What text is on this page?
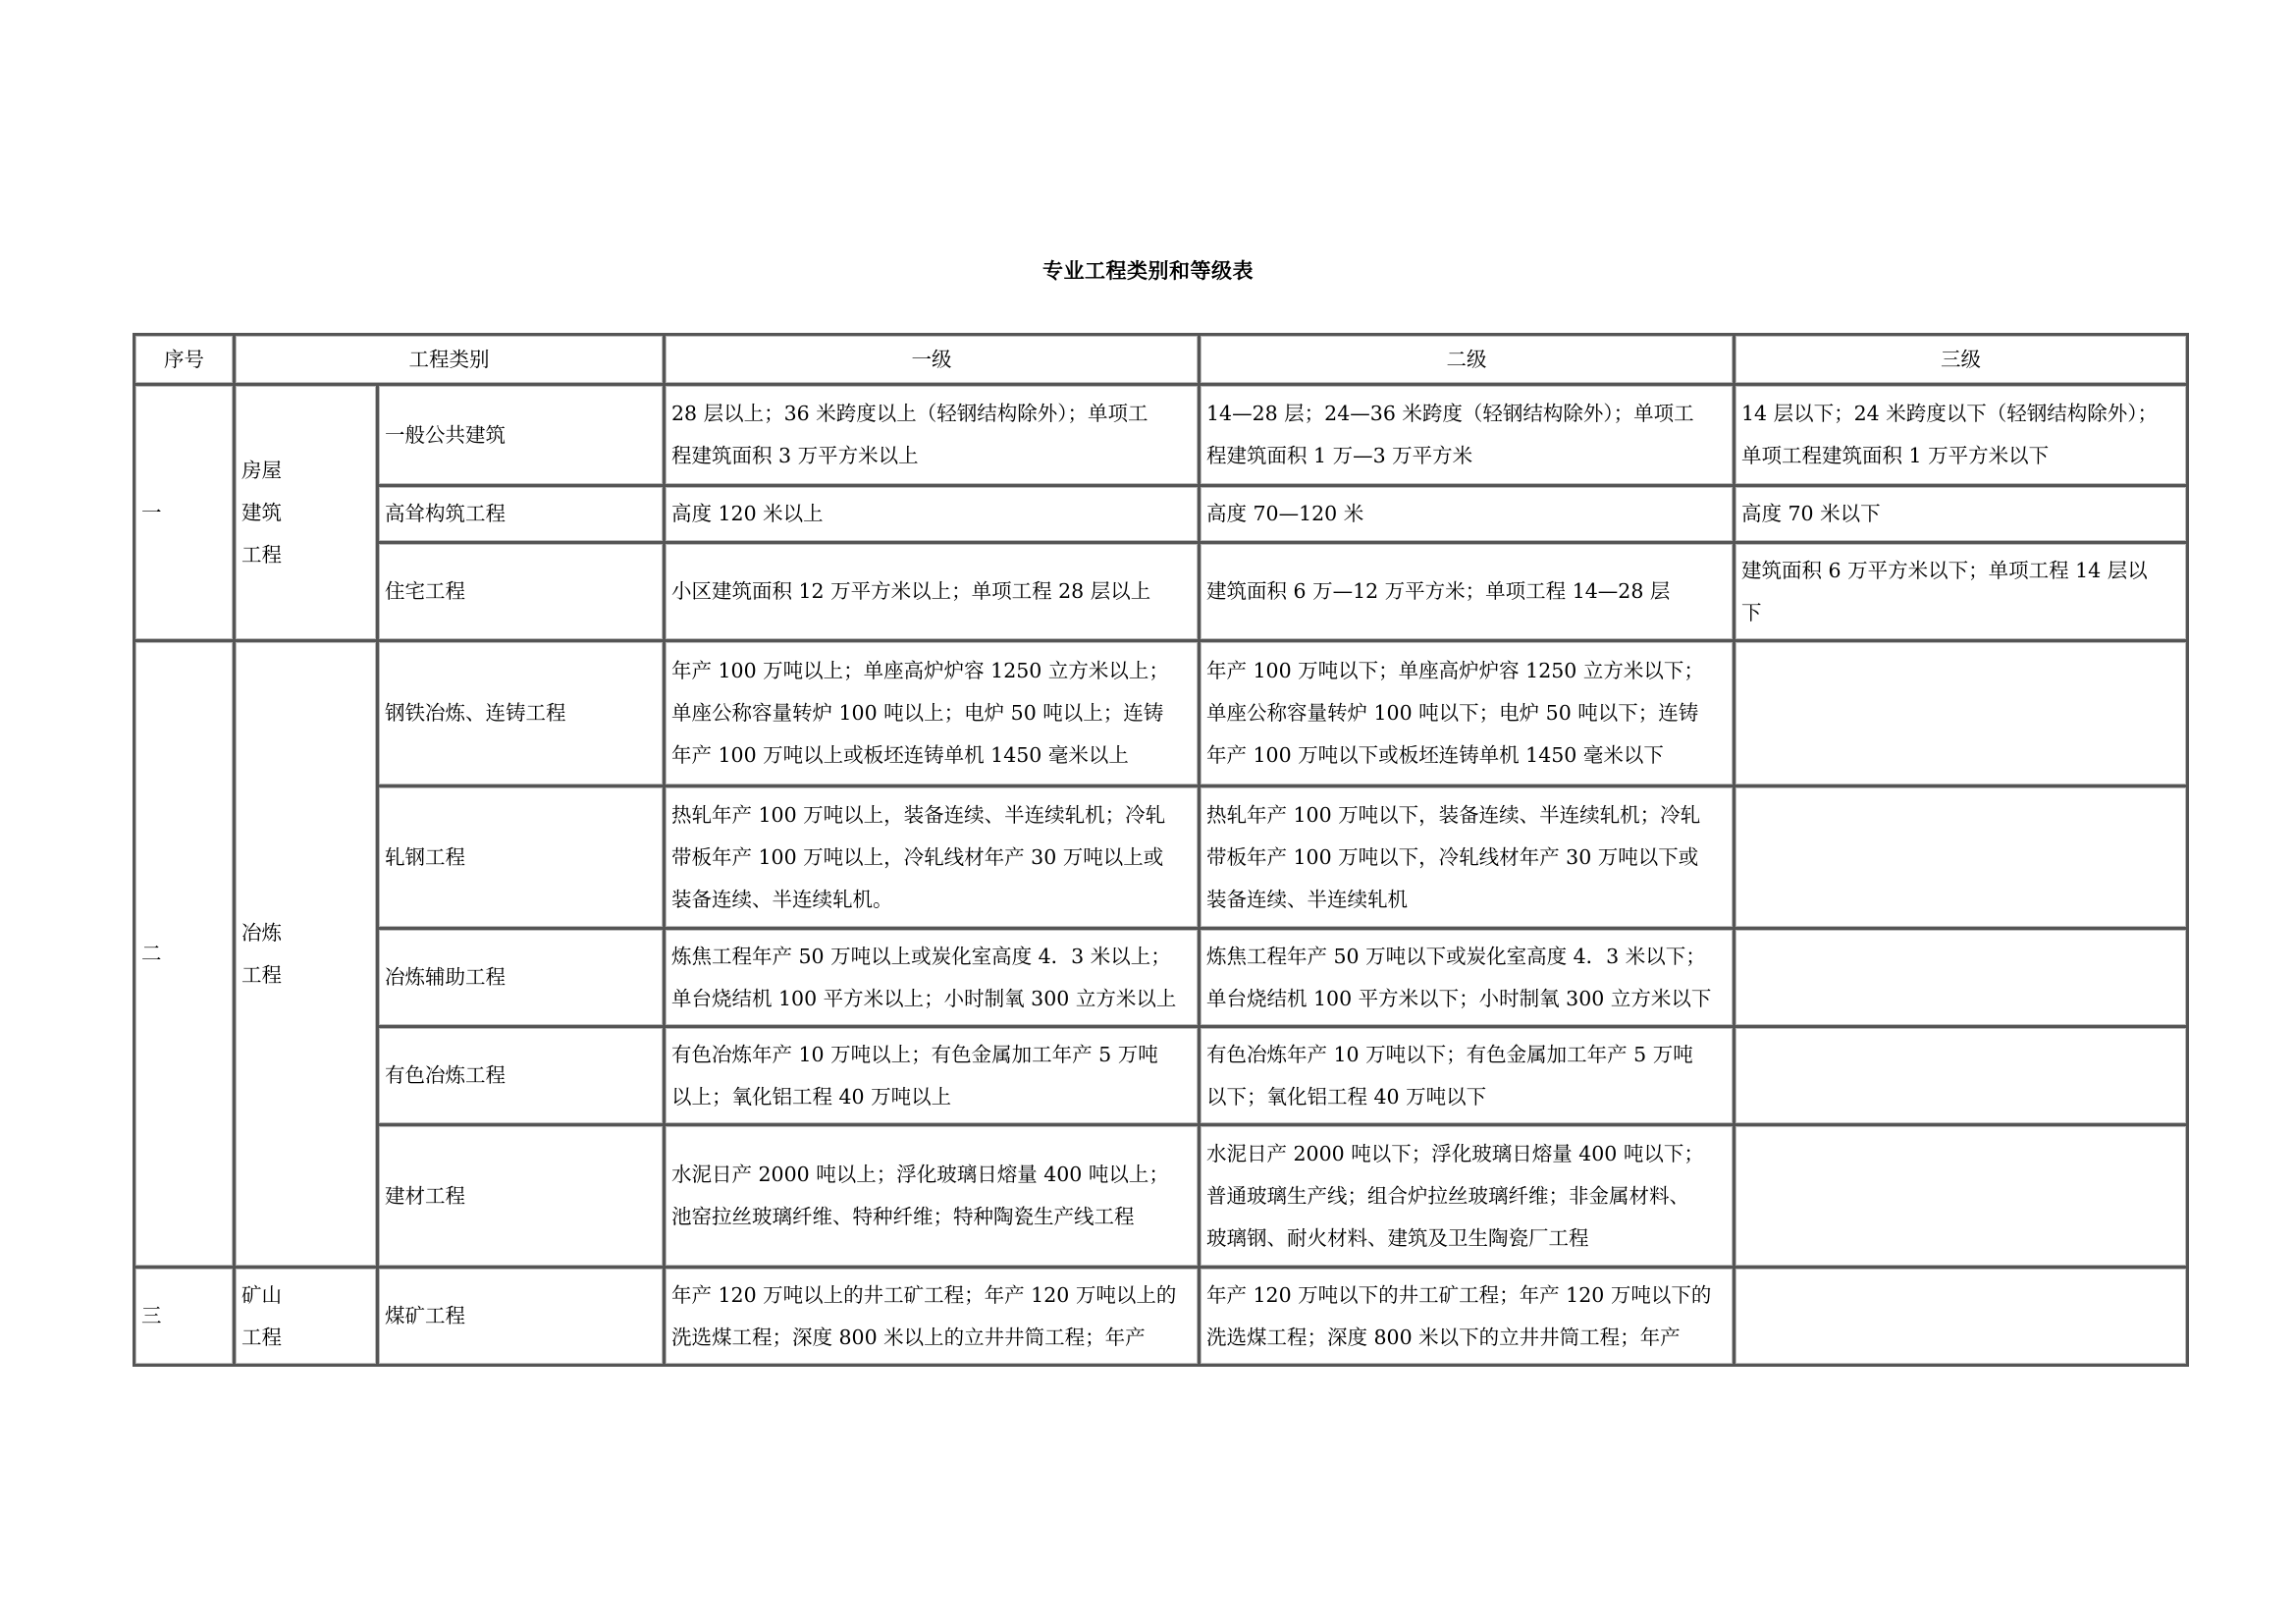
专业工程类别和等级表
序号	工程类别		一级	二级	三级
一	房屋
建筑
工程	一般公共建筑	28 层以上；36 米跨度以上（轻钢结构除外）；单项工
程建筑面积 3 万平方米以上	14—28 层；24—36 米跨度（轻钢结构除外）；单项工
程建筑面积 1 万—3 万平方米	14 层以下；24 米跨度以下（轻钢结构除外）；
单项工程建筑面积 1 万平方米以下

		高耸构筑工程	高度 120 米以上	高度 70—120 米	高度 70 米以下

		住宅工程	小区建筑面积 12 万平方米以上；单项工程 28 层以上	建筑面积 6 万—12 万平方米；单项工程 14—28 层	建筑面积 6 万平方米以下；单项工程 14 层以
下

二	冶炼
工程	钢铁冶炼、连铸工程	年产 100 万吨以上；单座高炉炉容 1250 立方米以上；
单座公称容量转炉 100 吨以上；电炉 50 吨以上；连铸
年产 100 万吨以上或板坯连铸单机 1450 毫米以上	年产 100 万吨以下；单座高炉炉容 1250 立方米以下；
单座公称容量转炉 100 吨以下；电炉 50 吨以下；连铸
年产 100 万吨以下或板坯连铸单机 1450 毫米以下	

		轧钢工程	热轧年产 100 万吨以上，装备连续、半连续轧机；冷轧
带板年产 100 万吨以上，冷轧线材年产 30 万吨以上或
装备连续、半连续轧机。	热轧年产 100 万吨以下，装备连续、半连续轧机；冷轧
带板年产 100 万吨以下，冷轧线材年产 30 万吨以下或
装备连续、半连续轧机	

		冶炼辅助工程	炼焦工程年产 50 万吨以上或炭化室高度 4．3 米以上；
单台烧结机 100 平方米以上；小时制氧 300 立方米以上	炼焦工程年产 50 万吨以下或炭化室高度 4．3 米以下；
单台烧结机 100 平方米以下；小时制氧 300 立方米以下	

		有色冶炼工程	有色冶炼年产 10 万吨以上；有色金属加工年产 5 万吨
以上；氧化铝工程 40 万吨以上	有色冶炼年产 10 万吨以下；有色金属加工年产 5 万吨
以下；氧化铝工程 40 万吨以下	

		建材工程	水泥日产 2000 吨以上；浮化玻璃日熔量 400 吨以上；
池窑拉丝玻璃纤维、特种纤维；特种陶瓷生产线工程	水泥日产 2000 吨以下；浮化玻璃日熔量 400 吨以下；
普通玻璃生产线；组合炉拉丝玻璃纤维；非金属材料、
玻璃钢、耐火材料、建筑及卫生陶瓷厂工程	

三	矿山
工程	煤矿工程	年产 120 万吨以上的井工矿工程；年产 120 万吨以上的
洗选煤工程；深度 800 米以上的立井井筒工程；年产	年产 120 万吨以下的井工矿工程；年产 120 万吨以下的
洗选煤工程；深度 800 米以下的立井井筒工程；年产	
